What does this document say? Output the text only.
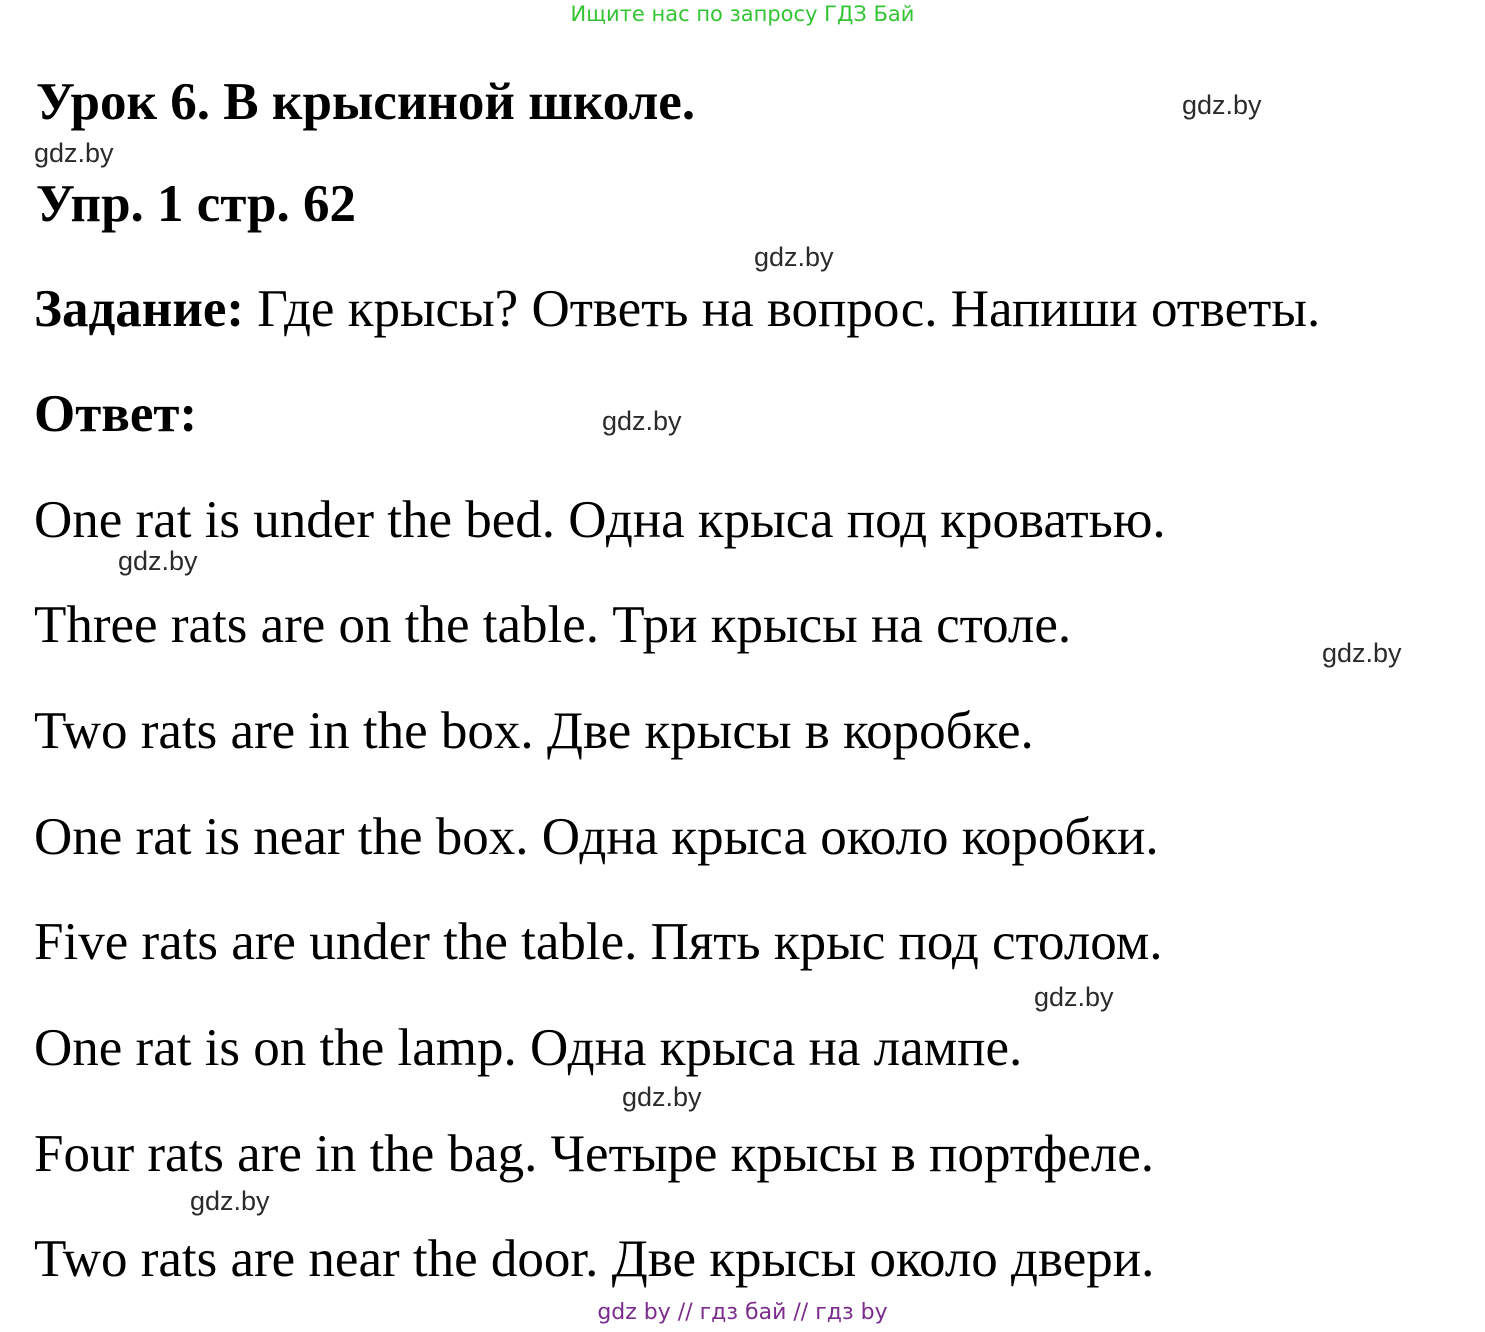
Ищите нас по запросу ГДЗ Бай
Урок 6. В крысиной школе.
Упр. 1 стр. 62
Задание: Где крысы? Ответь на вопрос. Напиши ответы.
Ответ:
One rat is under the bed. Одна крыса под кроватью.
Three rats are on the table. Три крысы на столе.
Two rats are in the box. Две крысы в коробке.
One rat is near the box. Одна крыса около коробки.
Five rats are under the table. Пять крыс под столом.
One rat is on the lamp. Одна крыса на лампе.
Four rats are in the bag. Четыре крысы в портфеле.
Two rats are near the door. Две крысы около двери.
gdz.by
gdz.by
gdz.by
gdz.by
gdz.by
gdz.by
gdz.by
gdz.by
gdz.by
gdz by // гдз бай // гдз by
